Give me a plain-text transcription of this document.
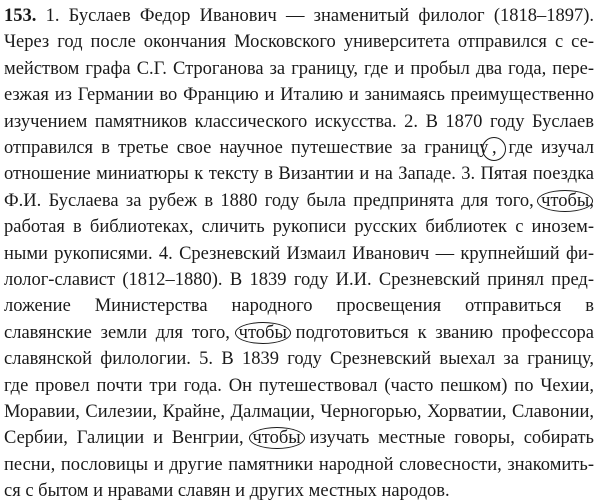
153. 1. Буслаев Федор Иванович — знаменитый филолог (1818–1897).
Через год после окончания Московского университета отправился с се-
мейством графа С.Г. Строганова за границу, где и пробыл два года, пере-
езжая из Германии во Францию и Италию и занимаясь преимущественно
изучением памятников классического искусства. 2. В 1870 году Буслаев
отправился в третье свое научное путешествие за границу , где изучал
отношение миниатюры к тексту в Византии и на Западе. 3. Пятая поездка
Ф.И. Буслаева за рубеж в 1880 году была предпринята для того, чтобы,
работая в библиотеках, сличить рукописи русских библиотек с инозем-
ными рукописями. 4. Срезневский Измаил Иванович — крупнейший фи-
лолог-славист (1812–1880). В 1839 году И.И. Срезневский принял пред-
ложение Министерства народного просвещения отправиться в
славянские земли для того, чтобы подготовиться к званию профессора
славянской филологии. 5. В 1839 году Срезневский выехал за границу,
где провел почти три года. Он путешествовал (часто пешком) по Чехии,
Моравии, Силезии, Крайне, Далмации, Черногорью, Хорватии, Славонии,
Сербии, Галиции и Венгрии, чтобы изучать местные говоры, собирать
песни, пословицы и другие памятники народной словесности, знакомить-
ся с бытом и нравами славян и других местных народов.
